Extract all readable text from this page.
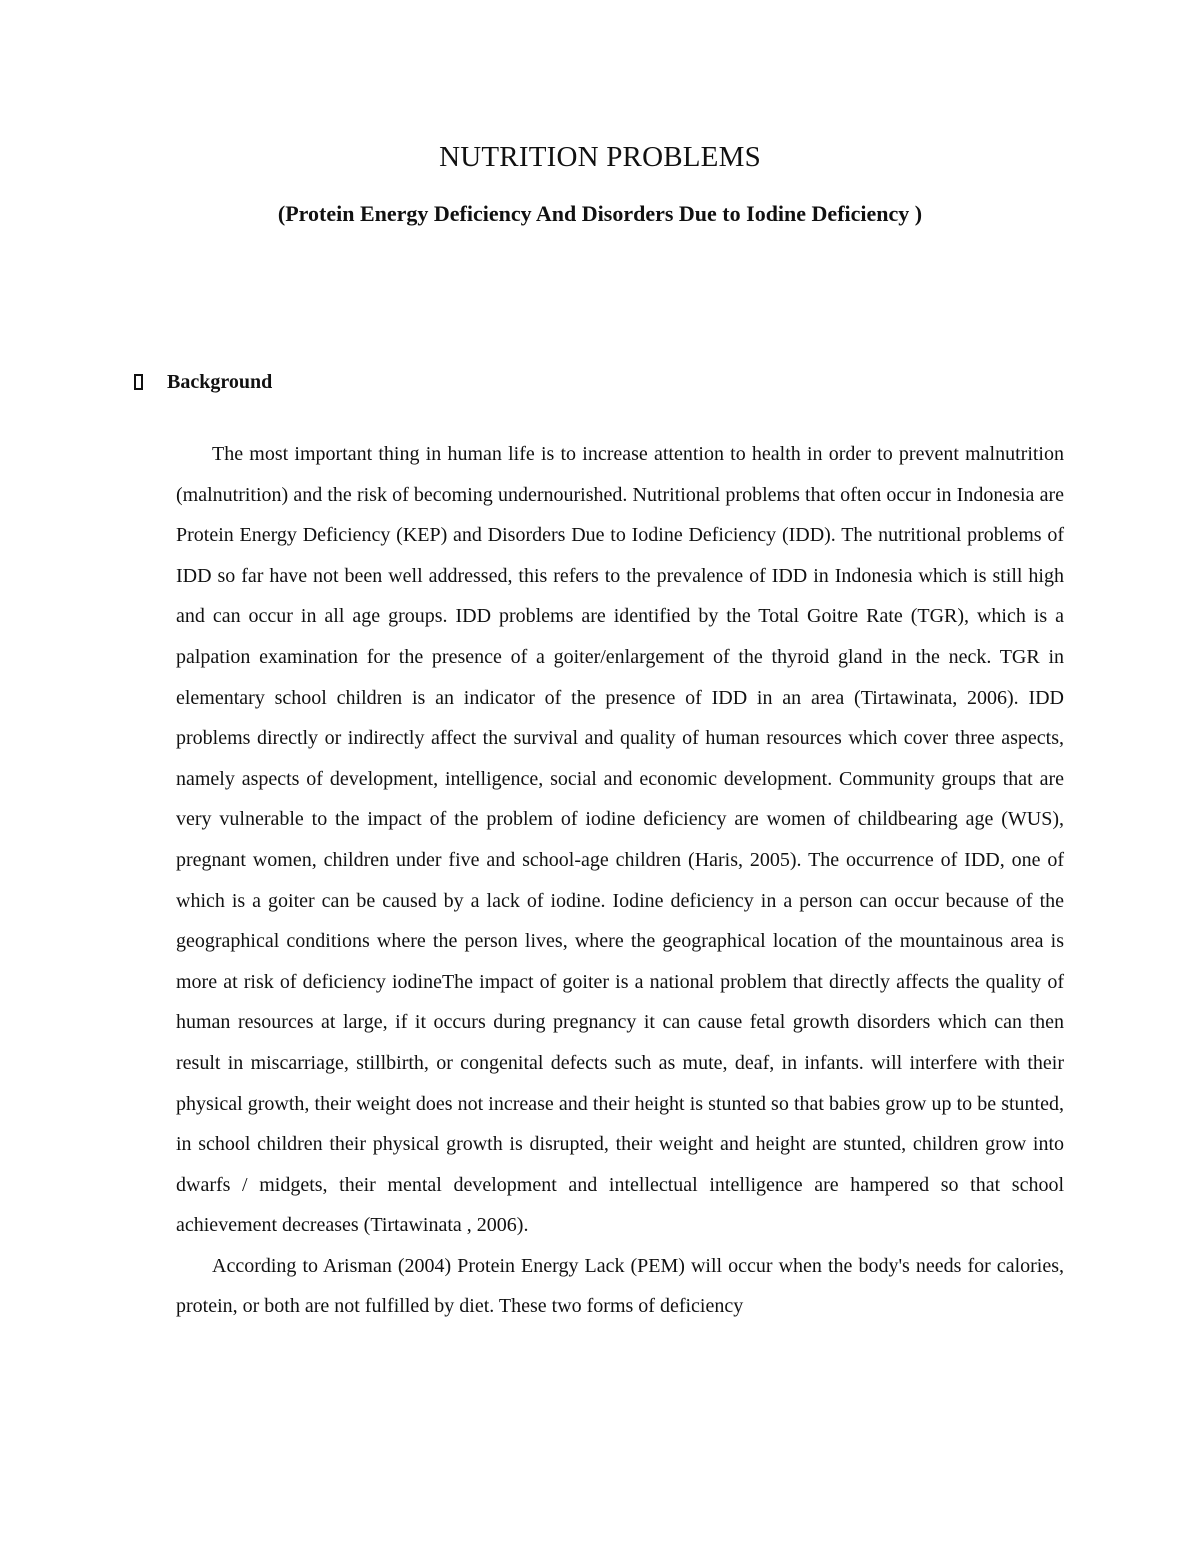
NUTRITION PROBLEMS
(Protein Energy Deficiency And Disorders Due to Iodine Deficiency )
Background

The most important thing in human life is to increase attention to health in order to prevent malnutrition (malnutrition) and the risk of becoming undernourished. Nutritional problems that often occur in Indonesia are Protein Energy Deficiency (KEP) and Disorders Due to Iodine Deficiency (IDD). The nutritional problems of IDD so far have not been well addressed, this refers to the prevalence of IDD in Indonesia which is still high and can occur in all age groups. IDD problems are identified by the Total Goitre Rate (TGR), which is a palpation examination for the presence of a goiter/enlargement of the thyroid gland in the neck. TGR in elementary school children is an indicator of the presence of IDD in an area (Tirtawinata, 2006). IDD problems directly or indirectly affect the survival and quality of human resources which cover three aspects, namely aspects of development, intelligence, social and economic development. Community groups that are very vulnerable to the impact of the problem of iodine deficiency are women of childbearing age (WUS), pregnant women, children under five and school-age children (Haris, 2005). The occurrence of IDD, one of which is a goiter can be caused by a lack of iodine. Iodine deficiency in a person can occur because of the geographical conditions where the person lives, where the geographical location of the mountainous area is more at risk of deficiency iodineThe impact of goiter is a national problem that directly affects the quality of human resources at large, if it occurs during pregnancy it can cause fetal growth disorders which can then result in miscarriage, stillbirth, or congenital defects such as mute, deaf, in infants. will interfere with their physical growth, their weight does not increase and their height is stunted so that babies grow up to be stunted, in school children their physical growth is disrupted, their weight and height are stunted, children grow into dwarfs / midgets, their mental development and intellectual intelligence are hampered so that school achievement decreases (Tirtawinata , 2006).

According to Arisman (2004) Protein Energy Lack (PEM) will occur when the body's needs for calories, protein, or both are not fulfilled by diet. These two forms of deficiency
